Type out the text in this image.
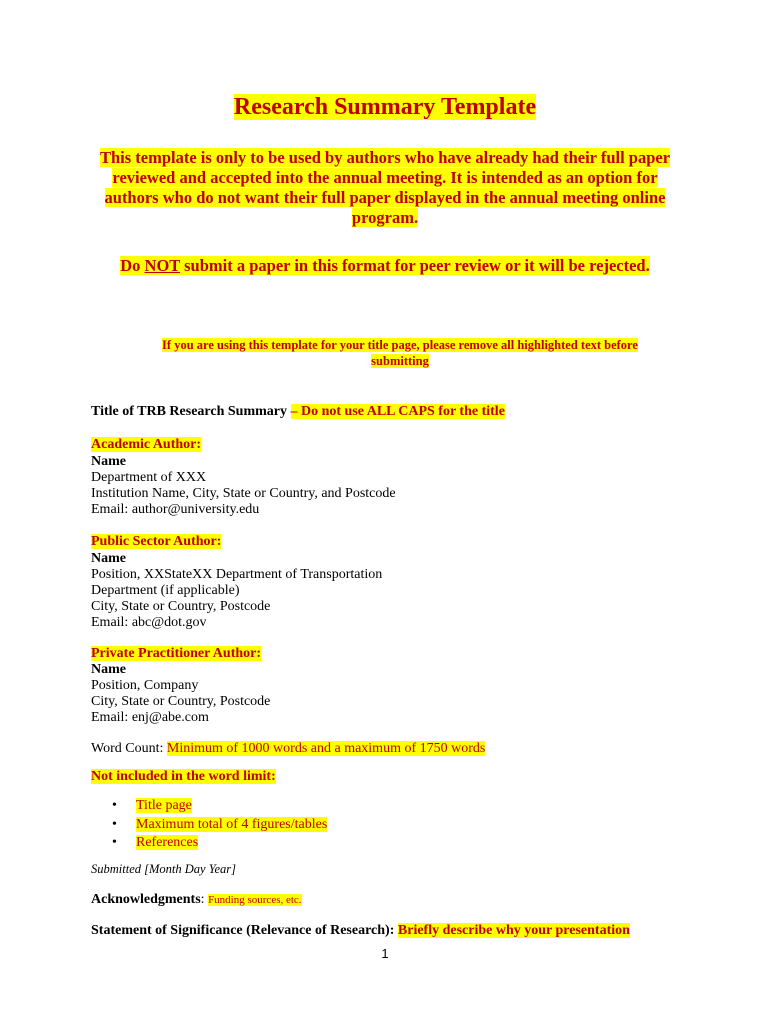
Research Summary Template
This template is only to be used by authors who have already had their full paper
reviewed and accepted into the annual meeting. It is intended as an option for
authors who do not want their full paper displayed in the annual meeting online
program.
Do NOT submit a paper in this format for peer review or it will be rejected.
If you are using this template for your title page, please remove all highlighted text before
submitting
Title of TRB Research Summary – Do not use ALL CAPS for the title
Academic Author:
Name
Department of XXX
Institution Name, City, State or Country, and Postcode
Email: author@university.edu
Public Sector Author:
Name
Position, XXStateXX Department of Transportation
Department (if applicable)
City, State or Country, Postcode
Email: abc@dot.gov
Private Practitioner Author:
Name
Position, Company
City, State or Country, Postcode
Email: enj@abe.com
Word Count: Minimum of 1000 words and a maximum of 1750 words
Not included in the word limit:
• Title page
• Maximum total of 4 figures/tables
• References
Submitted [Month Day Year]
Acknowledgments: Funding sources, etc.
Statement of Significance (Relevance of Research): Briefly describe why your presentation
1
